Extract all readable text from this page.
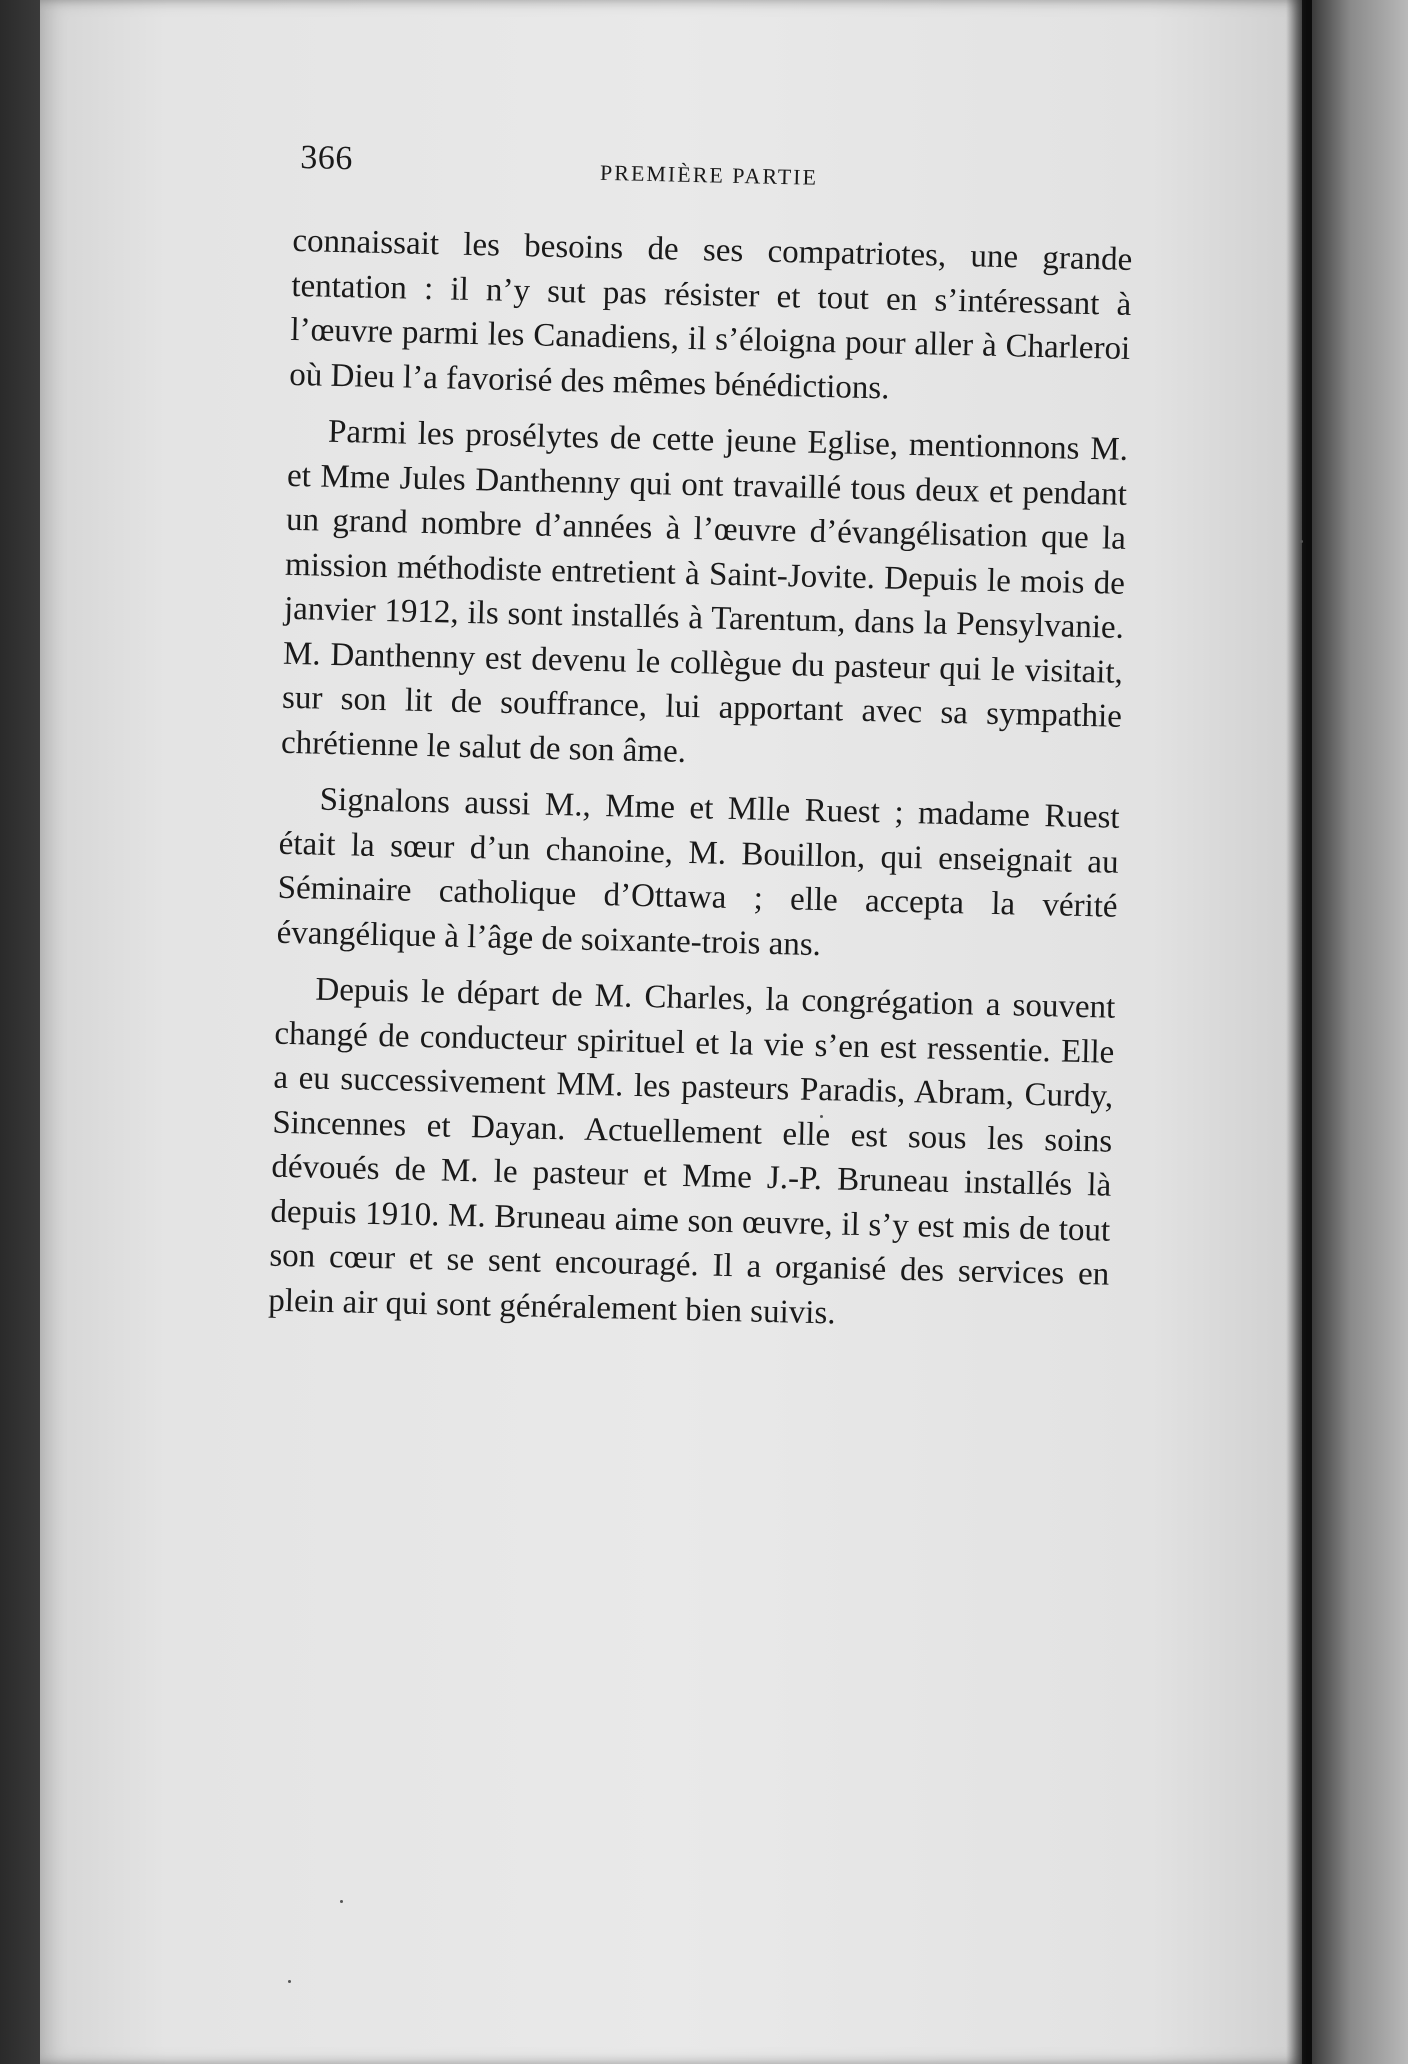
366	PREMIÈRE PARTIE

connaissait les besoins de ses compatriotes, une grande tentation : il n’y sut pas résister et tout en s’intéressant à l’œuvre parmi les Canadiens, il s’éloigna pour aller à Charleroi où Dieu l’a favorisé des mêmes bénédictions.

Parmi les prosélytes de cette jeune Eglise, mentionnons M. et Mme Jules Danthenny qui ont travaillé tous deux et pendant un grand nombre d’années à l’œuvre d’évangélisation que la mission méthodiste entretient à Saint-Jovite. Depuis le mois de janvier 1912, ils sont installés à Tarentum, dans la Pensylvanie. M. Danthenny est devenu le collègue du pasteur qui le visitait, sur son lit de souffrance, lui apportant avec sa sympathie chrétienne le salut de son âme.

Signalons aussi M., Mme et Mlle Ruest ; madame Ruest était la sœur d’un chanoine, M. Bouillon, qui enseignait au Séminaire catholique d’Ottawa ; elle accepta la vérité évangélique à l’âge de soixante-trois ans.

Depuis le départ de M. Charles, la congrégation a souvent changé de conducteur spirituel et la vie s’en est ressentie. Elle a eu successivement MM. les pasteurs Paradis, Abram, Curdy, Sincennes et Dayan. Actuellement elle est sous les soins dévoués de M. le pasteur et Mme J.-P. Bruneau installés là depuis 1910. M. Bruneau aime son œuvre, il s’y est mis de tout son cœur et se sent encouragé. Il a organisé des services en plein air qui sont généralement bien suivis.
